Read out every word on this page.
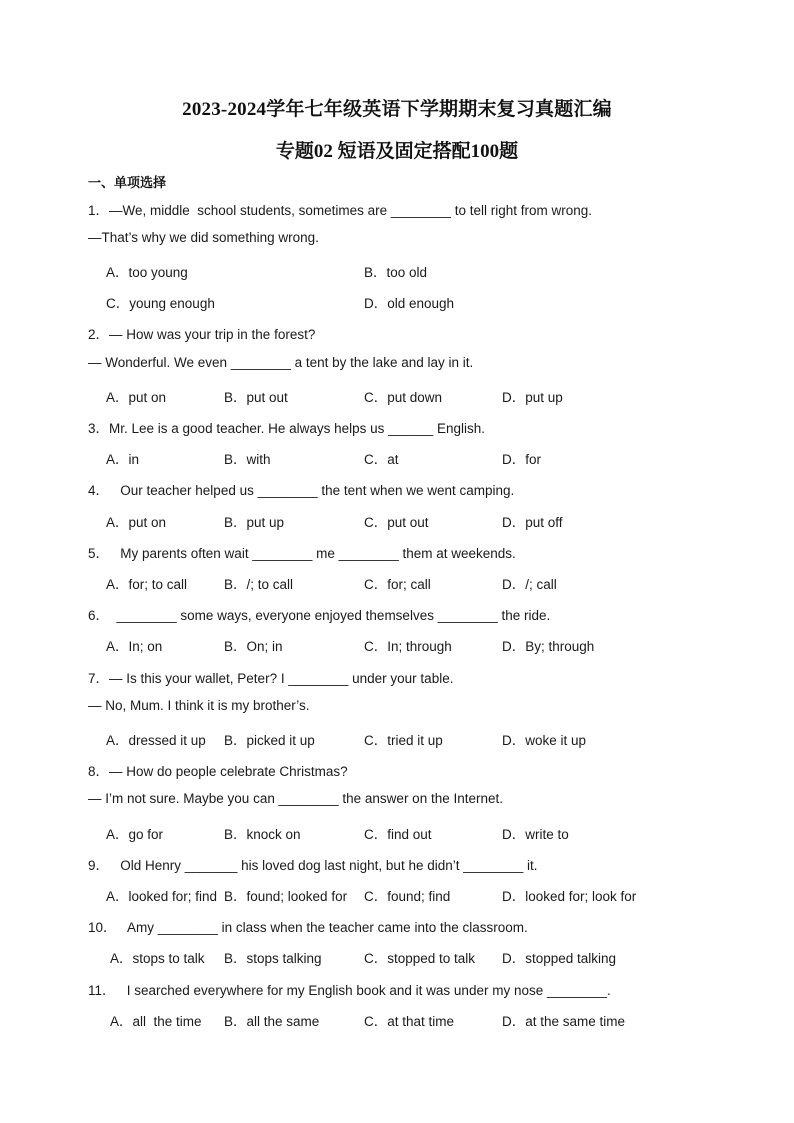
2023-2024学年七年级英语下学期期末复习真题汇编
专题02 短语及固定搭配100题
一、单项选择
1．—We, middle  school students, sometimes are ________ to tell right from wrong.
—That’s why we did something wrong.
A．too young	B．too old
C．young enough	D．old enough
2．— How was your trip in the forest?
— Wonderful. We even ________ a tent by the lake and lay in it.
A．put on	B．put out	C．put down	D．put up
3．Mr. Lee is a good teacher. He always helps us ______ English.
A．in	B．with	C．at	D．for
4．   Our teacher helped us ________ the tent when we went camping.
A．put on	B．put up	C．put out	D．put off
5．   My parents often wait ________ me ________ them at weekends.
A．for; to call	B．/; to call	C．for; call	D．/; call
6．  ________ some ways, everyone enjoyed themselves ________ the ride.
A．In; on	B．On; in	C．In; through	D．By; through
7．— Is this your wallet, Peter? I ________ under your table.
— No, Mum. I think it is my brother’s.
A．dressed it up B．picked it up	C．tried it up	D．woke it up
8．— How do people celebrate Christmas?
— I’m not sure. Maybe you can ________ the answer on the Internet.
A．go for	B．knock on	C．find out	D．write to
9．   Old Henry _______ his loved dog last night, but he didn’t ________ it.
A．looked for; find B．found; looked for C．found; find	D．looked for; look for
10．   Amy ________ in class when the teacher came into the classroom.
A．stops to talk B．stops talking	C．stopped to talk D．stopped talking
11．   I searched everywhere for my English book and it was under my nose ________.
A．all  the time B．all the same	C．at that time	D．at the same time
